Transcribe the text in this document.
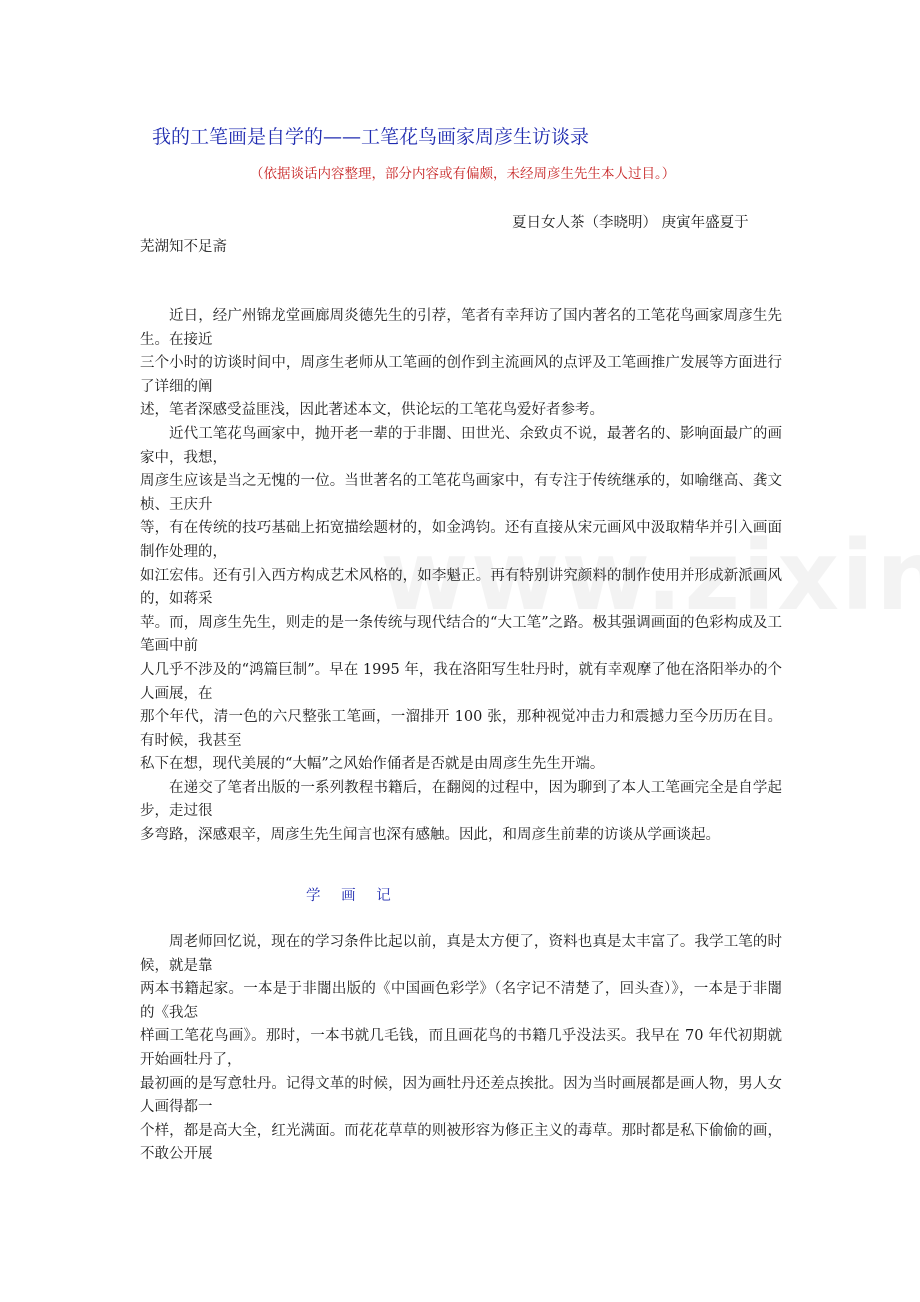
我的工笔画是自学的——工笔花鸟画家周彦生访谈录
（依据谈话内容整理，部分内容或有偏颇，未经周彦生先生本人过目。）
夏日女人茶（李晓明） 庚寅年盛夏于
芜湖知不足斋

近日，经广州锦龙堂画廊周炎德先生的引荐，笔者有幸拜访了国内著名的工笔花鸟画家周彦生先生。在接近

三个小时的访谈时间中，周彦生老师从工笔画的创作到主流画风的点评及工笔画推广发展等方面进行了详细的阐

述，笔者深感受益匪浅，因此著述本文，供论坛的工笔花鸟爱好者参考。

近代工笔花鸟画家中，抛开老一辈的于非闇、田世光、余致贞不说，最著名的、影响面最广的画家中，我想，

周彦生应该是当之无愧的一位。当世著名的工笔花鸟画家中，有专注于传统继承的，如喻继高、龚文桢、王庆升

等，有在传统的技巧基础上拓宽描绘题材的，如金鸿钧。还有直接从宋元画风中汲取精华并引入画面制作处理的，

如江宏伟。还有引入西方构成艺术风格的，如李魁正。再有特别讲究颜料的制作使用并形成新派画风的，如蒋采

苹。而，周彦生先生，则走的是一条传统与现代结合的“大工笔”之路。极其强调画面的色彩构成及工笔画中前

人几乎不涉及的“鸿篇巨制”。早在 1995 年，我在洛阳写生牡丹时，就有幸观摩了他在洛阳举办的个人画展，在

那个年代，清一色的六尺整张工笔画，一溜排开 100 张，那种视觉冲击力和震撼力至今历历在目。有时候，我甚至

私下在想，现代美展的“大幅”之风始作俑者是否就是由周彦生先生开端。

在递交了笔者出版的一系列教程书籍后，在翻阅的过程中，因为聊到了本人工笔画完全是自学起步，走过很

多弯路，深感艰辛，周彦生先生闻言也深有感触。因此，和周彦生前辈的访谈从学画谈起。

学 画 记

周老师回忆说，现在的学习条件比起以前，真是太方便了，资料也真是太丰富了。我学工笔的时候，就是靠

两本书籍起家。一本是于非闇出版的《中国画色彩学》（名字记不清楚了，回头查）》，一本是于非闇的《我怎

样画工笔花鸟画》。那时，一本书就几毛钱，而且画花鸟的书籍几乎没法买。我早在 70 年代初期就开始画牡丹了，

最初画的是写意牡丹。记得文革的时候，因为画牡丹还差点挨批。因为当时画展都是画人物，男人女人画得都一

个样，都是高大全，红光满面。而花花草草的则被形容为修正主义的毒草。那时都是私下偷偷的画，不敢公开展
